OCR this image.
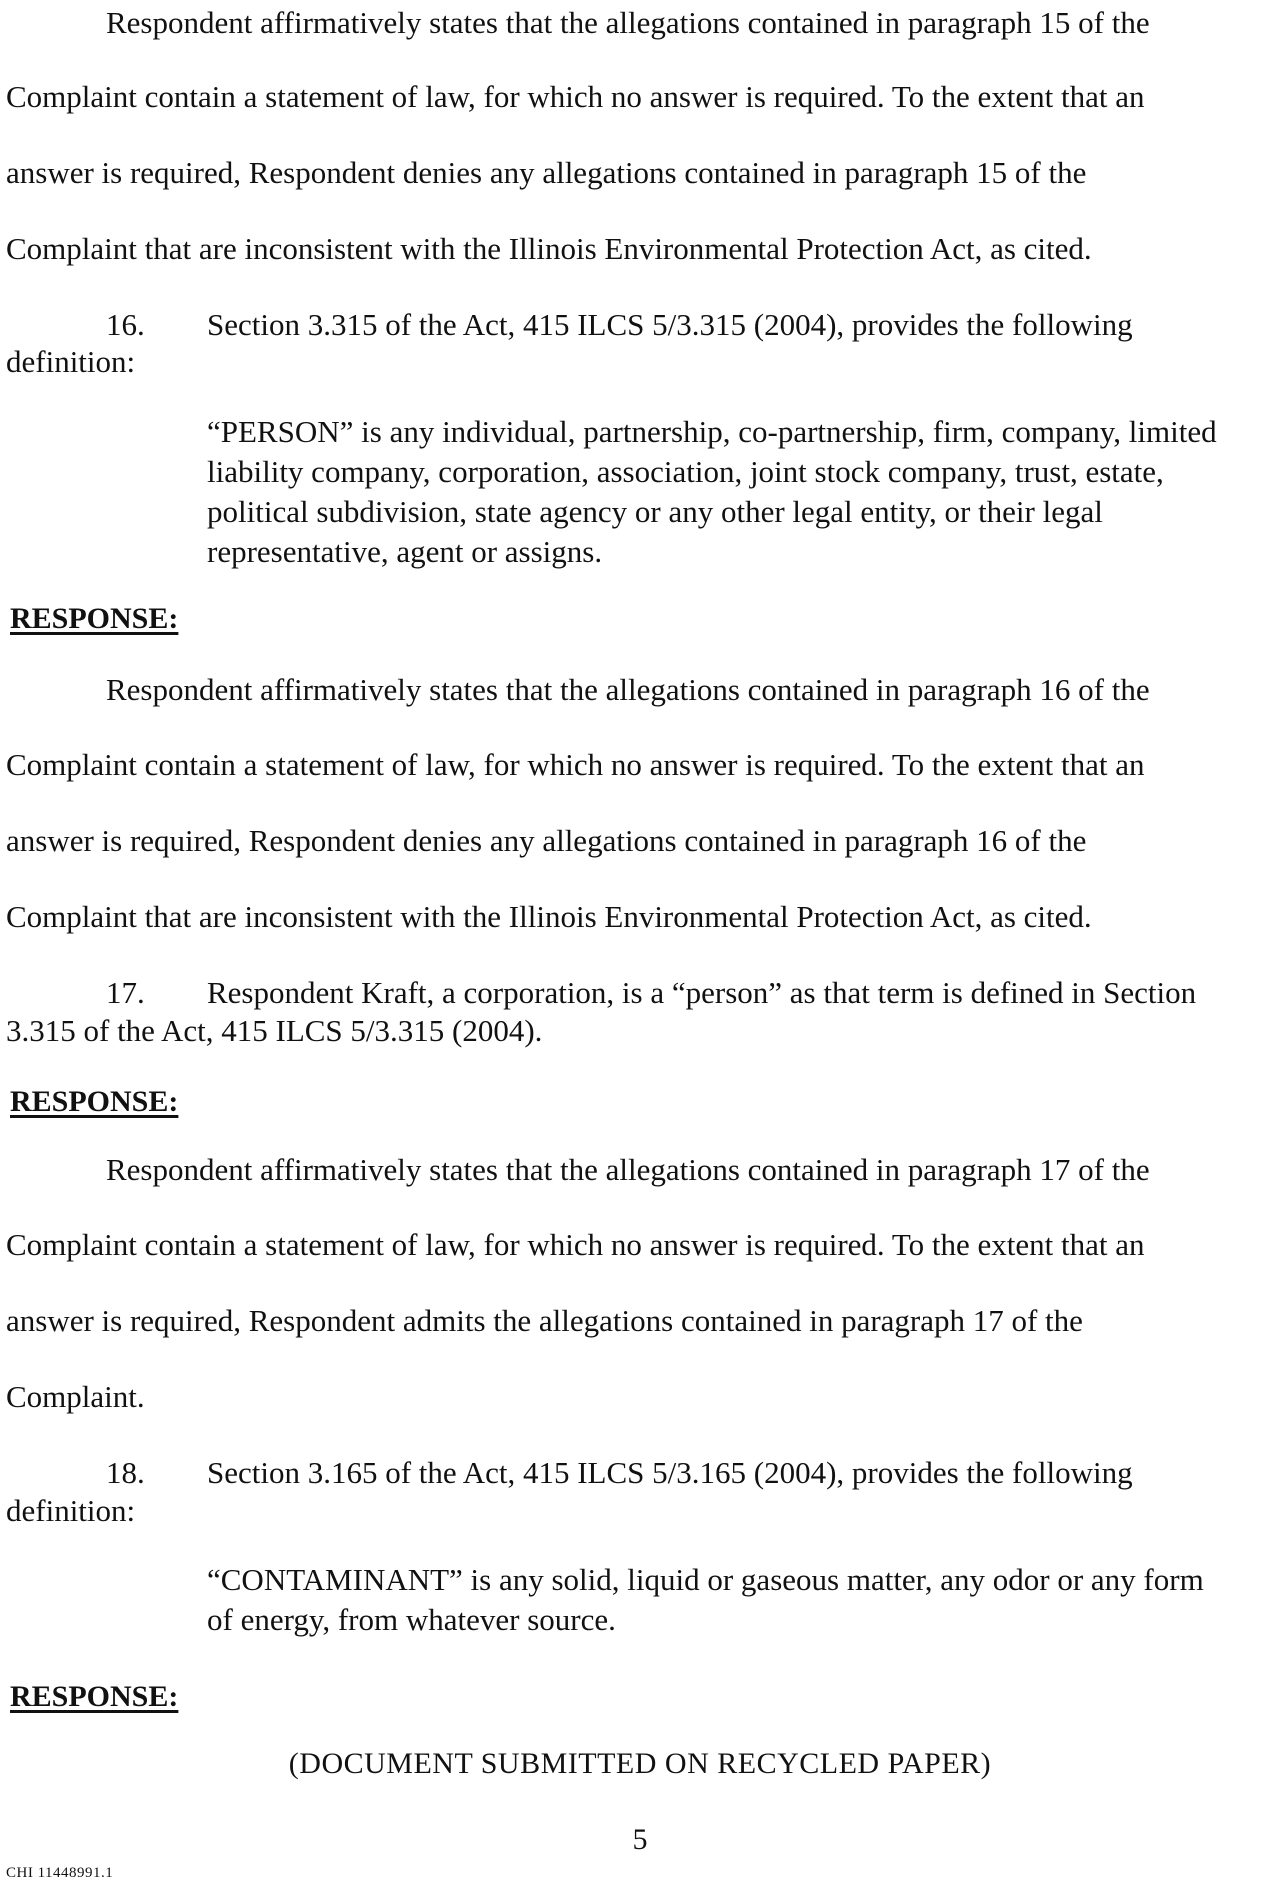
Respondent affirmatively states that the allegations contained in paragraph 15 of the
Complaint contain a statement of law, for which no answer is required. To the extent that an
answer is required, Respondent denies any allegations contained in paragraph 15 of the
Complaint that are inconsistent with the Illinois Environmental Protection Act, as cited.
16. Section 3.315 of the Act, 415 ILCS 5/3.315 (2004), provides the following
definition:
“PERSON” is any individual, partnership, co-partnership, firm, company, limited
liability company, corporation, association, joint stock company, trust, estate,
political subdivision, state agency or any other legal entity, or their legal
representative, agent or assigns.
RESPONSE:
Respondent affirmatively states that the allegations contained in paragraph 16 of the
Complaint contain a statement of law, for which no answer is required. To the extent that an
answer is required, Respondent denies any allegations contained in paragraph 16 of the
Complaint that are inconsistent with the Illinois Environmental Protection Act, as cited.
17. Respondent Kraft, a corporation, is a “person” as that term is defined in Section
3.315 of the Act, 415 ILCS 5/3.315 (2004).
RESPONSE:
Respondent affirmatively states that the allegations contained in paragraph 17 of the
Complaint contain a statement of law, for which no answer is required. To the extent that an
answer is required, Respondent admits the allegations contained in paragraph 17 of the
Complaint.
18. Section 3.165 of the Act, 415 ILCS 5/3.165 (2004), provides the following
definition:
“CONTAMINANT” is any solid, liquid or gaseous matter, any odor or any form
of energy, from whatever source.
RESPONSE:
(DOCUMENT SUBMITTED ON RECYCLED PAPER)
5
CHI 11448991.1
